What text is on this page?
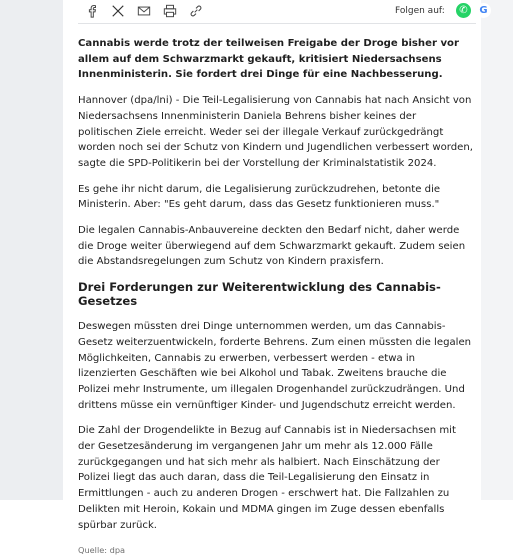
Folgen auf:	✆	G

Cannabis werde trotz der teilweisen Freigabe der Droge bisher vor allem auf dem Schwarzmarkt gekauft, kritisiert Niedersachsens Innenministerin. Sie fordert drei Dinge für eine Nachbesserung.

Hannover (dpa/lni) - Die Teil-Legalisierung von Cannabis hat nach Ansicht von Niedersachsens Innenministerin Daniela Behrens bisher keines der politischen Ziele erreicht. Weder sei der illegale Verkauf zurückgedrängt worden noch sei der Schutz von Kindern und Jugendlichen verbessert worden, sagte die SPD-Politikerin bei der Vorstellung der Kriminalstatistik 2024.

Es gehe ihr nicht darum, die Legalisierung zurückzudrehen, betonte die Ministerin. Aber: "Es geht darum, dass das Gesetz funktionieren muss."

Die legalen Cannabis-Anbauvereine deckten den Bedarf nicht, daher werde die Droge weiter überwiegend auf dem Schwarzmarkt gekauft. Zudem seien die Abstandsregelungen zum Schutz von Kindern praxisfern.

Drei Forderungen zur Weiterentwicklung des Cannabis-Gesetzes

Deswegen müssten drei Dinge unternommen werden, um das Cannabis-Gesetz weiterzuentwickeln, forderte Behrens. Zum einen müssten die legalen Möglichkeiten, Cannabis zu erwerben, verbessert werden - etwa in lizenzierten Geschäften wie bei Alkohol und Tabak. Zweitens brauche die Polizei mehr Instrumente, um illegalen Drogenhandel zurückzudrängen. Und drittens müsse ein vernünftiger Kinder- und Jugendschutz erreicht werden.

Die Zahl der Drogendelikte in Bezug auf Cannabis ist in Niedersachsen mit der Gesetzesänderung im vergangenen Jahr um mehr als 12.000 Fälle zurückgegangen und hat sich mehr als halbiert. Nach Einschätzung der Polizei liegt das auch daran, dass die Teil-Legalisierung den Einsatz in Ermittlungen - auch zu anderen Drogen - erschwert hat. Die Fallzahlen zu Delikten mit Heroin, Kokain und MDMA gingen im Zuge dessen ebenfalls spürbar zurück.

Quelle: dpa
